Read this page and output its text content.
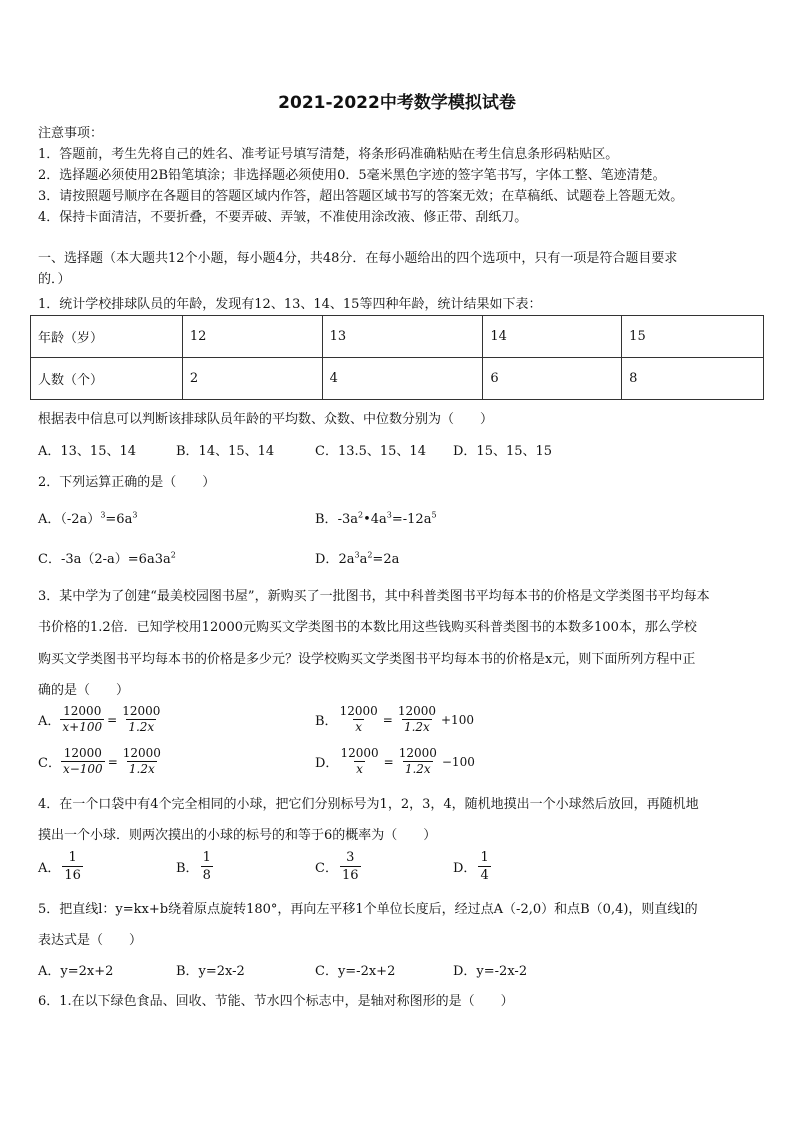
2021-2022中考数学模拟试卷
注意事项：
1．答题前，考生先将自己的姓名、准考证号填写清楚，将条形码准确粘贴在考生信息条形码粘贴区。
2．选择题必须使用2B铅笔填涂；非选择题必须使用0．5毫米黑色字迹的签字笔书写，字体工整、笔迹清楚。
3．请按照题号顺序在各题目的答题区域内作答，超出答题区域书写的答案无效；在草稿纸、试题卷上答题无效。
4．保持卡面清洁，不要折叠，不要弄破、弄皱，不准使用涂改液、修正带、刮纸刀。
一、选择题（本大题共12个小题，每小题4分，共48分．在每小题给出的四个选项中，只有一项是符合题目要求
的．）
1．统计学校排球队员的年龄，发现有12、13、14、15等四种年龄，统计结果如下表：
年龄（岁）	12	13	14	15
人数（个）	2	4	6	8
根据表中信息可以判断该排球队员年龄的平均数、众数、中位数分别为（　　）
A．13、15、14	B．14、15、14	C．13.5、15、14 D．15、15、15
2．下列运算正确的是（　　）
A．$(-2a)^3=6a^3$	B．$-3a^2•4a^3=-12a^5$
C．$-3a(2-a)=6a3a^2$	D．$2a^3a^2=2a$
3．某中学为了创建“最美校园图书屋”，新购买了一批图书，其中科普类图书平均每本书的价格是文学类图书平均每本
书价格的1.2倍．已知学校用12000元购买文学类图书的本数比用这些钱购买科普类图书的本数多100本，那么学校
购买文学类图书平均每本书的价格是多少元？设学校购买文学类图书平均每本书的价格是x元，则下面所列方程中正
确的是（　　）
A． $\frac{12000}{x+100} = \frac{12000}{1.2x}$	B． $\frac{12000}{x} = \frac{12000}{1.2x} +100$
C． $\frac{12000}{x-100} = \frac{12000}{1.2x}$	D． $\frac{12000}{x} = \frac{12000}{1.2x} -100$
4．在一个口袋中有4个完全相同的小球，把它们分别标号为1，2，3，4，随机地摸出一个小球然后放回，再随机地
摸出一个小球．则两次摸出的小球的标号的和等于6的概率为（　　）
A． $\frac{1}{16}$	B． $\frac{1}{8}$	C． $\frac{3}{16}$	D． $\frac{1}{4}$
5．把直线l：y=kx+b绕着原点旋转180°，再向左平移1个单位长度后，经过点A（-2,0）和点B（0,4)，则直线l的
表达式是（　　）
A．y=2x+2	B．y=2x-2	C．y=-2x+2	D．y=-2x-2
6．1.在以下绿色食品、回收、节能、节水四个标志中，是轴对称图形的是（　　）
